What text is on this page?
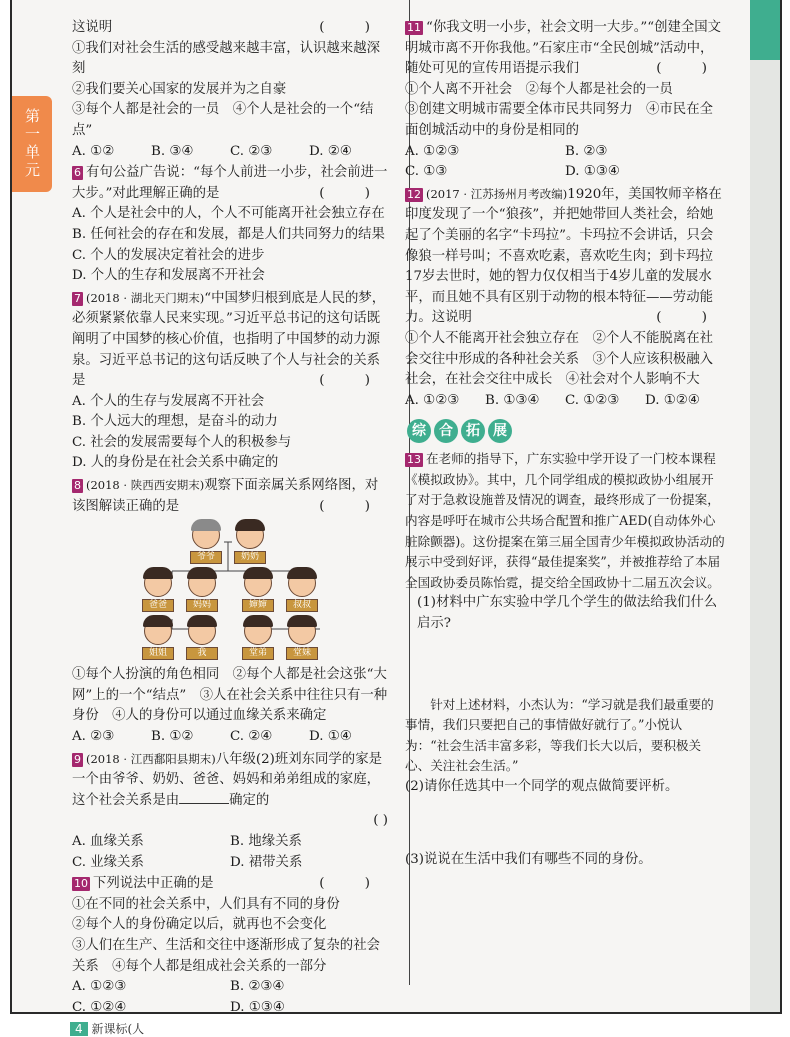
第一单元
这说明	( )
①我们对社会生活的感受越来越丰富，认识越来越深刻
②我们要关心国家的发展并为之自豪
③每个人都是社会的一员　 ④个人是社会的一个“结点”
A. ①②	B. ③④	C. ②③	D. ②④
6 有句公益广告说：“每个人前进一小步，社会前进一大步。”对此理解正确的是	( )
A. 个人是社会中的人，个人不可能离开社会独立存在
B. 任何社会的存在和发展，都是人们共同努力的结果
C. 个人的发展决定着社会的进步
D. 个人的生存和发展离不开社会
7 (2018 · 湖北天门期末)“中国梦归根到底是人民的梦，必须紧紧依靠人民来实现。”习近平总书记的这句话既阐明了中国梦的核心价值，也指明了中国梦的动力源泉。习近平总书记的这句话反映了个人与社会的关系是	( )
A. 个人的生存与发展离不开社会
B. 个人远大的理想，是奋斗的动力
C. 社会的发展需要每个人的积极参与
D. 人的身份是在社会关系中确定的
8 (2018 · 陕西西安期末)观察下面亲属关系网络图，对该图解读正确的是	( )
爷爷	奶奶
爸爸	妈妈	婶婶	叔叔
姐姐	我	堂弟	堂妹
①每个人扮演的角色相同　②每个人都是社会这张“大网”上的一个“结点”　③人在社会关系中往往只有一种身份　④人的身份可以通过血缘关系来确定
A. ②③	B. ①②	C. ②④	D. ①④
9 (2018 · 江西鄱阳县期末)八年级(2)班刘东同学的家是一个由爷爷、奶奶、爸爸、妈妈和弟弟组成的家庭，这个社会关系是由	确定的
( )
A. 血缘关系	B. 地缘关系
C. 业缘关系	D. 裙带关系
10 下列说法中正确的是	( )
①在不同的社会关系中，人们具有不同的身份
②每个人的身份确定以后，就再也不会变化
③人们在生产、生活和交往中逐渐形成了复杂的社会关系　④每个人都是组成社会关系的一部分
A. ①②③	B. ②③④
C. ①②④	D. ①③④
11 “你我文明一小步，社会文明一大步。”“创建全国文明城市离不开你我他。”石家庄市“全民创城”活动中，随处可见的宣传用语提示我们	( )
①个人离不开社会　②每个人都是社会的一员
③创建文明城市需要全体市民共同努力　④市民在全面创城活动中的身份是相同的
A. ①②③	B. ②③
C. ①③	D. ①③④
12 (2017 · 江苏扬州月考改编)1920年，美国牧师辛格在印度发现了一个“狼孩”，并把她带回人类社会，给她起了个美丽的名字“卡玛拉”。卡玛拉不会讲话，只会像狼一样号叫；不喜欢吃素，喜欢吃生肉；到卡玛拉17岁去世时，她的智力仅仅相当于4岁儿童的发展水平，而且她不具有区别于动物的根本特征——劳动能力。这说明	( )
①个人不能离开社会独立存在　②个人不能脱离在社会交往中形成的各种社会关系　③个人应该积极融入社会，在社会交往中成长　④社会对个人影响不大
A. ①②③	B. ①③④	C. ①②③	D. ①②④
综 合 拓 展
13 在老师的指导下，广东实验中学开设了一门校本课程《模拟政协》。其中，几个同学组成的模拟政协小组展开了对于急救设施普及情况的调查，最终形成了一份提案，内容是呼吁在城市公共场合配置和推广AED(自动体外心脏除颤器)。这份提案在第三届全国青少年模拟政协活动的展示中受到好评，获得“最佳提案奖”，并被推荐给了本届全国政协委员陈怡霓，提交给全国政协十二届五次会议。
(1)材料中广东实验中学几个学生的做法给我们什么启示?
针对上述材料，小杰认为：“学习就是我们最重要的事情，我们只要把自己的事情做好就行了。”小悦认为：“社会生活丰富多彩，等我们长大以后，要积极关心、关注社会生活。”
(2)请你任选其中一个同学的观点做简要评析。
(3)说说在生活中我们有哪些不同的身份。
4 新课标(人
